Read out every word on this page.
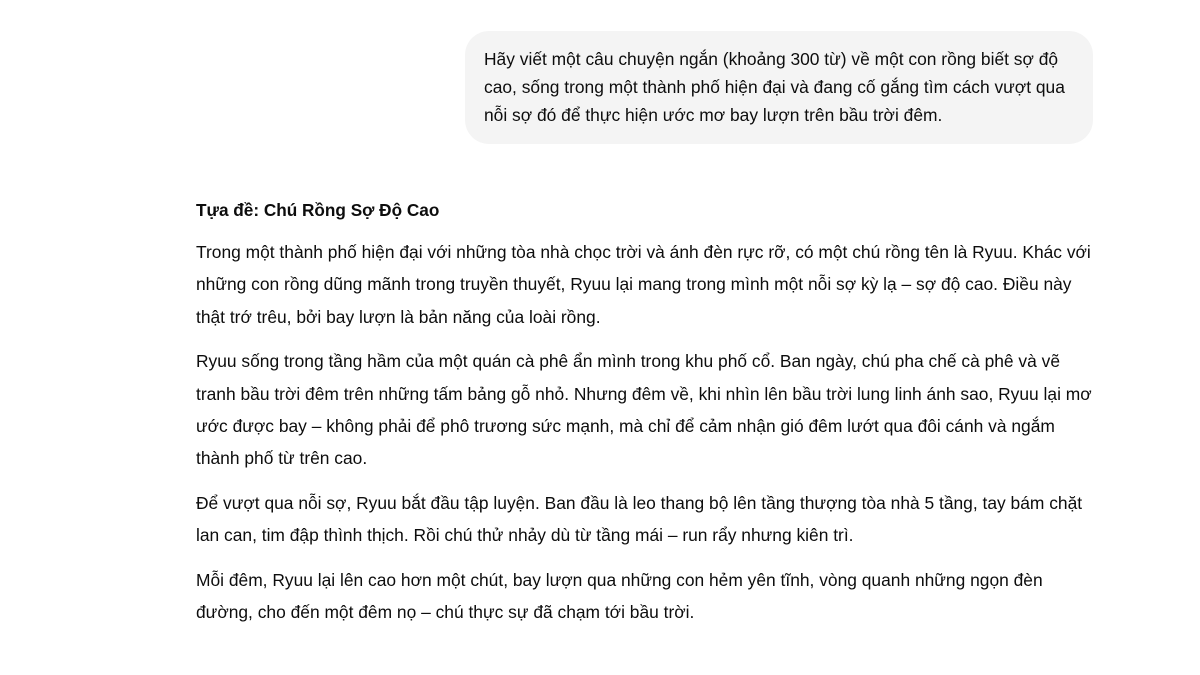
Hãy viết một câu chuyện ngắn (khoảng 300 từ) về một con rồng biết sợ độ cao, sống trong một thành phố hiện đại và đang cố gắng tìm cách vượt qua nỗi sợ đó để thực hiện ước mơ bay lượn trên bầu trời đêm.

Tựa đề: Chú Rồng Sợ Độ Cao

Trong một thành phố hiện đại với những tòa nhà chọc trời và ánh đèn rực rỡ, có một chú rồng tên là Ryuu. Khác với những con rồng dũng mãnh trong truyền thuyết, Ryuu lại mang trong mình một nỗi sợ kỳ lạ – sợ độ cao. Điều này thật trớ trêu, bởi bay lượn là bản năng của loài rồng.

Ryuu sống trong tầng hầm của một quán cà phê ẩn mình trong khu phố cổ. Ban ngày, chú pha chế cà phê và vẽ tranh bầu trời đêm trên những tấm bảng gỗ nhỏ. Nhưng đêm về, khi nhìn lên bầu trời lung linh ánh sao, Ryuu lại mơ ước được bay – không phải để phô trương sức mạnh, mà chỉ để cảm nhận gió đêm lướt qua đôi cánh và ngắm thành phố từ trên cao.

Để vượt qua nỗi sợ, Ryuu bắt đầu tập luyện. Ban đầu là leo thang bộ lên tầng thượng tòa nhà 5 tầng, tay bám chặt lan can, tim đập thình thịch. Rồi chú thử nhảy dù từ tầng mái – run rẩy nhưng kiên trì.

Mỗi đêm, Ryuu lại lên cao hơn một chút, bay lượn qua những con hẻm yên tĩnh, vòng quanh những ngọn đèn đường, cho đến một đêm nọ – chú thực sự đã chạm tới bầu trời.
